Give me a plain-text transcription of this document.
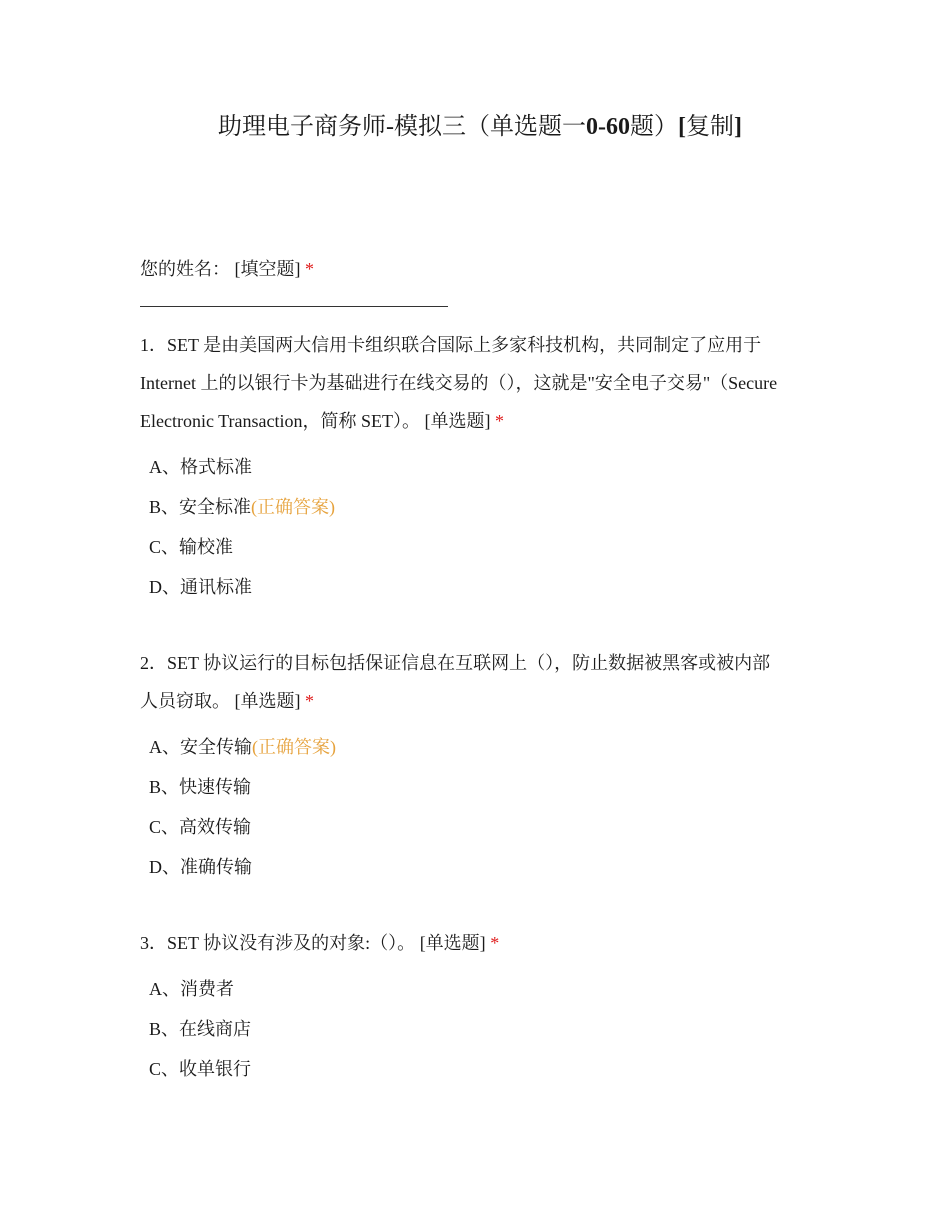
助理电子商务师-模拟三（单选题一0-60题）[复制]
您的姓名： [填空题] *
1．SET 是由美国两大信用卡组织联合国际上多家科技机构，共同制定了应用于
Internet 上的以银行卡为基础进行在线交易的（），这就是"安全电子交易"（Secure
Electronic Transaction，简称 SET）。 [单选题] *
A、格式标准
B、安全标准(正确答案)
C、输校准
D、通讯标准
2．SET 协议运行的目标包括保证信息在互联网上（），防止数据被黑客或被内部
人员窃取。 [单选题] *
A、安全传输(正确答案)
B、快速传输
C、高效传输
D、准确传输
3．SET 协议没有涉及的对象:（）。 [单选题] *
A、消费者
B、在线商店
C、收单银行
